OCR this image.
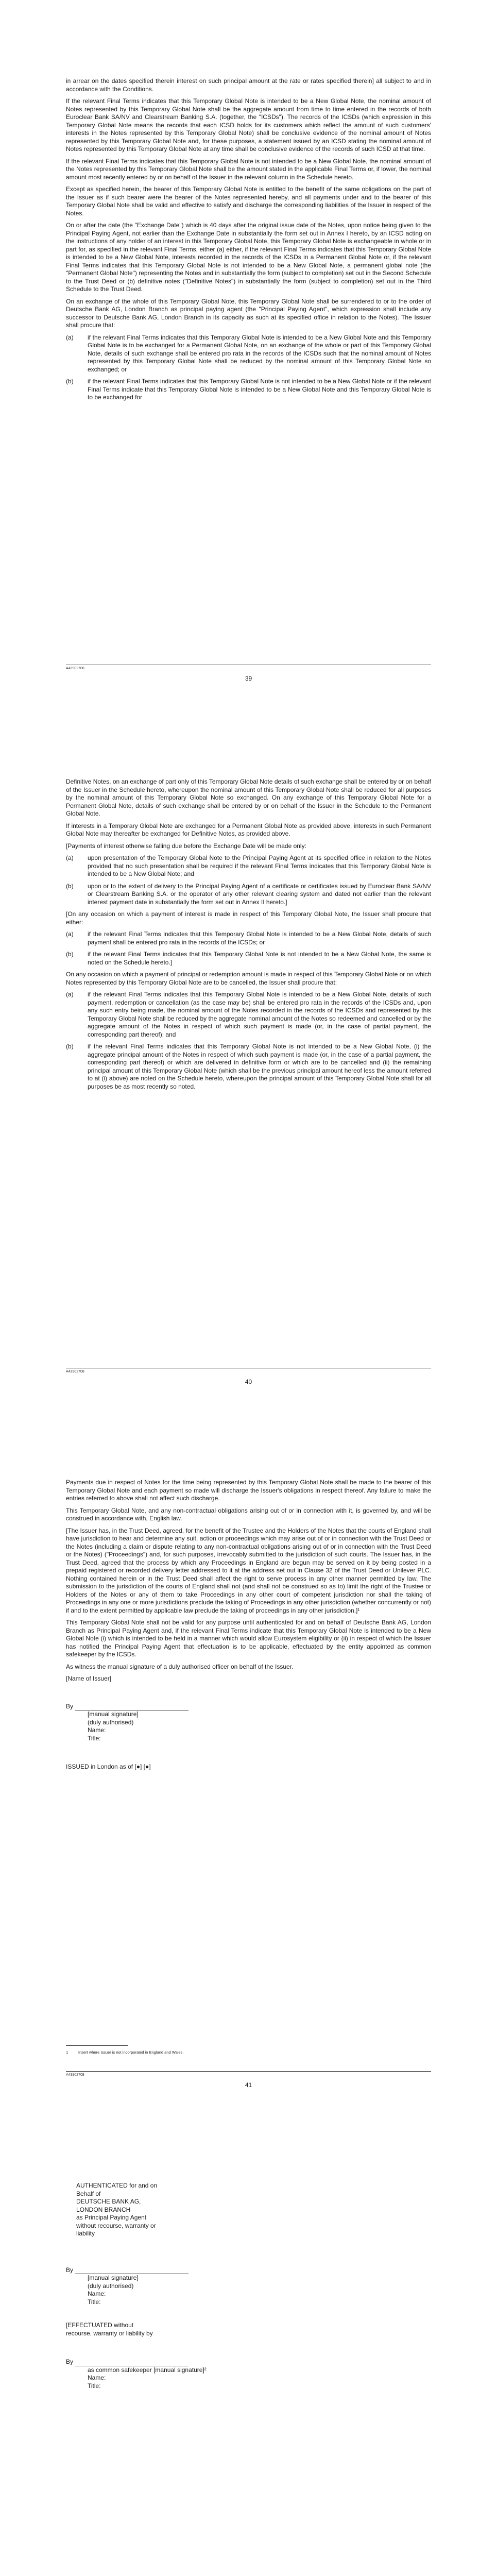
in arrear on the dates specified therein interest on such principal amount at the rate or rates specified therein] all subject to and in accordance with the Conditions.

If the relevant Final Terms indicates that this Temporary Global Note is intended to be a New Global Note, the nominal amount of Notes represented by this Temporary Global Note shall be the aggregate amount from time to time entered in the records of both Euroclear Bank SA/NV and Clearstream Banking S.A. (together, the "ICSDs"). The records of the ICSDs (which expression in this Temporary Global Note means the records that each ICSD holds for its customers which reflect the amount of such customers' interests in the Notes represented by this Temporary Global Note) shall be conclusive evidence of the nominal amount of Notes represented by this Temporary Global Note and, for these purposes, a statement issued by an ICSD stating the nominal amount of Notes represented by this Temporary Global Note at any time shall be conclusive evidence of the records of such ICSD at that time.

If the relevant Final Terms indicates that this Temporary Global Note is not intended to be a New Global Note, the nominal amount of the Notes represented by this Temporary Global Note shall be the amount stated in the applicable Final Terms or, if lower, the nominal amount most recently entered by or on behalf of the Issuer in the relevant column in the Schedule hereto.

Except as specified herein, the bearer of this Temporary Global Note is entitled to the benefit of the same obligations on the part of the Issuer as if such bearer were the bearer of the Notes represented hereby, and all payments under and to the bearer of this Temporary Global Note shall be valid and effective to satisfy and discharge the corresponding liabilities of the Issuer in respect of the Notes.

On or after the date (the "Exchange Date") which is 40 days after the original issue date of the Notes, upon notice being given to the Principal Paying Agent, not earlier than the Exchange Date in substantially the form set out in Annex I hereto, by an ICSD acting on the instructions of any holder of an interest in this Temporary Global Note, this Temporary Global Note is exchangeable in whole or in part for, as specified in the relevant Final Terms, either (a) either, if the relevant Final Terms indicates that this Temporary Global Note is intended to be a New Global Note, interests recorded in the records of the ICSDs in a Permanent Global Note or, if the relevant Final Terms indicates that this Temporary Global Note is not intended to be a New Global Note, a permanent global note (the "Permanent Global Note") representing the Notes and in substantially the form (subject to completion) set out in the Second Schedule to the Trust Deed or (b) definitive notes ("Definitive Notes") in substantially the form (subject to completion) set out in the Third Schedule to the Trust Deed.

On an exchange of the whole of this Temporary Global Note, this Temporary Global Note shall be surrendered to or to the order of Deutsche Bank AG, London Branch as principal paying agent (the "Principal Paying Agent", which expression shall include any successor to Deutsche Bank AG, London Branch in its capacity as such at its specified office in relation to the Notes). The Issuer shall procure that:

(a)	if the relevant Final Terms indicates that this Temporary Global Note is intended to be a New Global Note and this Temporary Global Note is to be exchanged for a Permanent Global Note, on an exchange of the whole or part of this Temporary Global Note, details of such exchange shall be entered pro rata in the records of the ICSDs such that the nominal amount of Notes represented by this Temporary Global Note shall be reduced by the nominal amount of this Temporary Global Note so exchanged; or
(b)	if the relevant Final Terms indicates that this Temporary Global Note is not intended to be a New Global Note or if the relevant Final Terms indicate that this Temporary Global Note is intended to be a New Global Note and this Temporary Global Note is to be exchanged for
A43902708
39

Definitive Notes, on an exchange of part only of this Temporary Global Note details of such exchange shall be entered by or on behalf of the Issuer in the Schedule hereto, whereupon the nominal amount of this Temporary Global Note shall be reduced for all purposes by the nominal amount of this Temporary Global Note so exchanged. On any exchange of this Temporary Global Note for a Permanent Global Note, details of such exchange shall be entered by or on behalf of the Issuer in the Schedule to the Permanent Global Note.

If interests in a Temporary Global Note are exchanged for a Permanent Global Note as provided above, interests in such Permanent Global Note may thereafter be exchanged for Definitive Notes, as provided above.

[Payments of interest otherwise falling due before the Exchange Date will be made only:

(a)	upon presentation of the Temporary Global Note to the Principal Paying Agent at its specified office in relation to the Notes provided that no such presentation shall be required if the relevant Final Terms indicates that this Temporary Global Note is intended to be a New Global Note; and
(b)	upon or to the extent of delivery to the Principal Paying Agent of a certificate or certificates issued by Euroclear Bank SA/NV or Clearstream Banking S.A. or the operator of any other relevant clearing system and dated not earlier than the relevant interest payment date in substantially the form set out in Annex II hereto.]

[On any occasion on which a payment of interest is made in respect of this Temporary Global Note, the Issuer shall procure that either:

(a)	if the relevant Final Terms indicates that this Temporary Global Note is intended to be a New Global Note, details of such payment shall be entered pro rata in the records of the ICSDs; or
(b)	if the relevant Final Terms indicates that this Temporary Global Note is not intended to be a New Global Note, the same is noted on the Schedule hereto.]

On any occasion on which a payment of principal or redemption amount is made in respect of this Temporary Global Note or on which Notes represented by this Temporary Global Note are to be cancelled, the Issuer shall procure that:

(a)	if the relevant Final Terms indicates that this Temporary Global Note is intended to be a New Global Note, details of such payment, redemption or cancellation (as the case may be) shall be entered pro rata in the records of the ICSDs and, upon any such entry being made, the nominal amount of the Notes recorded in the records of the ICSDs and represented by this Temporary Global Note shall be reduced by the aggregate nominal amount of the Notes so redeemed and cancelled or by the aggregate amount of the Notes in respect of which such payment is made (or, in the case of partial payment, the corresponding part thereof); and
(b)	if the relevant Final Terms indicates that this Temporary Global Note is not intended to be a New Global Note, (i) the aggregate principal amount of the Notes in respect of which such payment is made (or, in the case of a partial payment, the corresponding part thereof) or which are delivered in definitive form or which are to be cancelled and (ii) the remaining principal amount of this Temporary Global Note (which shall be the previous principal amount hereof less the amount referred to at (i) above) are noted on the Schedule hereto, whereupon the principal amount of this Temporary Global Note shall for all purposes be as most recently so noted.
A43902708
40

Payments due in respect of Notes for the time being represented by this Temporary Global Note shall be made to the bearer of this Temporary Global Note and each payment so made will discharge the Issuer's obligations in respect thereof. Any failure to make the entries referred to above shall not affect such discharge.

This Temporary Global Note, and any non-contractual obligations arising out of or in connection with it, is governed by, and will be construed in accordance with, English law.

[The Issuer has, in the Trust Deed, agreed, for the benefit of the Trustee and the Holders of the Notes that the courts of England shall have jurisdiction to hear and determine any suit, action or proceedings which may arise out of or in connection with the Trust Deed or the Notes (including a claim or dispute relating to any non-contractual obligations arising out of or in connection with the Trust Deed or the Notes) ("Proceedings") and, for such purposes, irrevocably submitted to the jurisdiction of such courts. The Issuer has, in the Trust Deed, agreed that the process by which any Proceedings in England are begun may be served on it by being posted in a prepaid registered or recorded delivery letter addressed to it at the address set out in Clause 32 of the Trust Deed or Unilever PLC. Nothing contained herein or in the Trust Deed shall affect the right to serve process in any other manner permitted by law. The submission to the jurisdiction of the courts of England shall not (and shall not be construed so as to) limit the right of the Trustee or Holders of the Notes or any of them to take Proceedings in any other court of competent jurisdiction nor shall the taking of Proceedings in any one or more jurisdictions preclude the taking of Proceedings in any other jurisdiction (whether concurrently or not) if and to the extent permitted by applicable law preclude the taking of proceedings in any other jurisdiction.]¹

This Temporary Global Note shall not be valid for any purpose until authenticated for and on behalf of Deutsche Bank AG, London Branch as Principal Paying Agent and, if the relevant Final Terms indicate that this Temporary Global Note is intended to be a New Global Note (i) which is intended to be held in a manner which would allow Eurosystem eligibility or (ii) in respect of which the Issuer has notified the Principal Paying Agent that effectuation is to be applicable, effectuated by the entity appointed as common safekeeper by the ICSDs.

As witness the manual signature of a duly authorised officer on behalf of the Issuer.

[Name of Issuer]

By
[manual signature]
(duly authorised)
Name:
Title:

ISSUED in London as of [●] [●]

1	Insert where Issuer is not incorporated in England and Wales.
A43902708
41
AUTHENTICATED for and on
Behalf of
DEUTSCHE BANK AG,
LONDON BRANCH
as Principal Paying Agent
without recourse, warranty or
liability
By
[manual signature]
(duly authorised)
Name:
Title:
[EFFECTUATED without
recourse, warranty or liability by
By
as common safekeeper [manual signature]²
Name:
Title:
